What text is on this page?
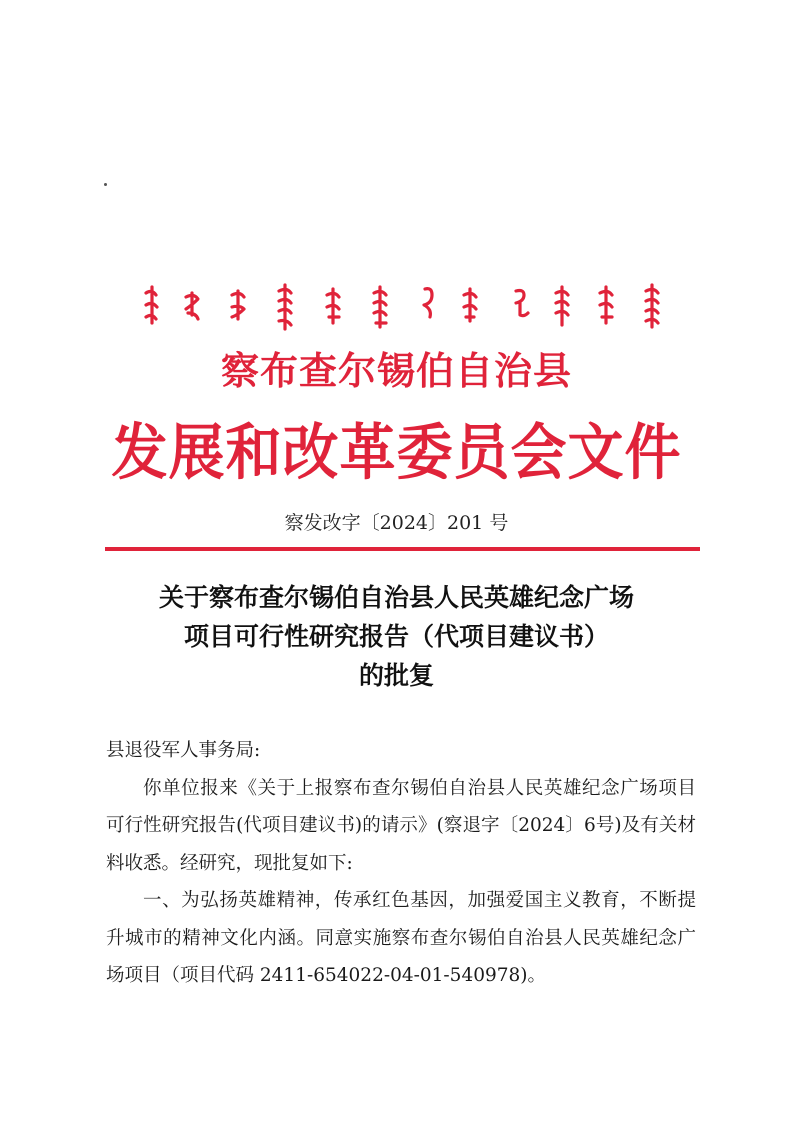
察布查尔锡伯自治县
发展和改革委员会文件
察发改字〔2024〕201 号
关于察布查尔锡伯自治县人民英雄纪念广场
项目可行性研究报告（代项目建议书）
的批复

县退役军人事务局:

你单位报来《关于上报察布查尔锡伯自治县人民英雄纪念广场项目可行性研究报告(代项目建议书)的请示》(察退字〔2024〕6号)及有关材料收悉。经研究，现批复如下:

一、为弘扬英雄精神，传承红色基因，加强爱国主义教育，不断提升城市的精神文化内涵。同意实施察布查尔锡伯自治县人民英雄纪念广场项目（项目代码 2411-654022-04-01-540978)。
